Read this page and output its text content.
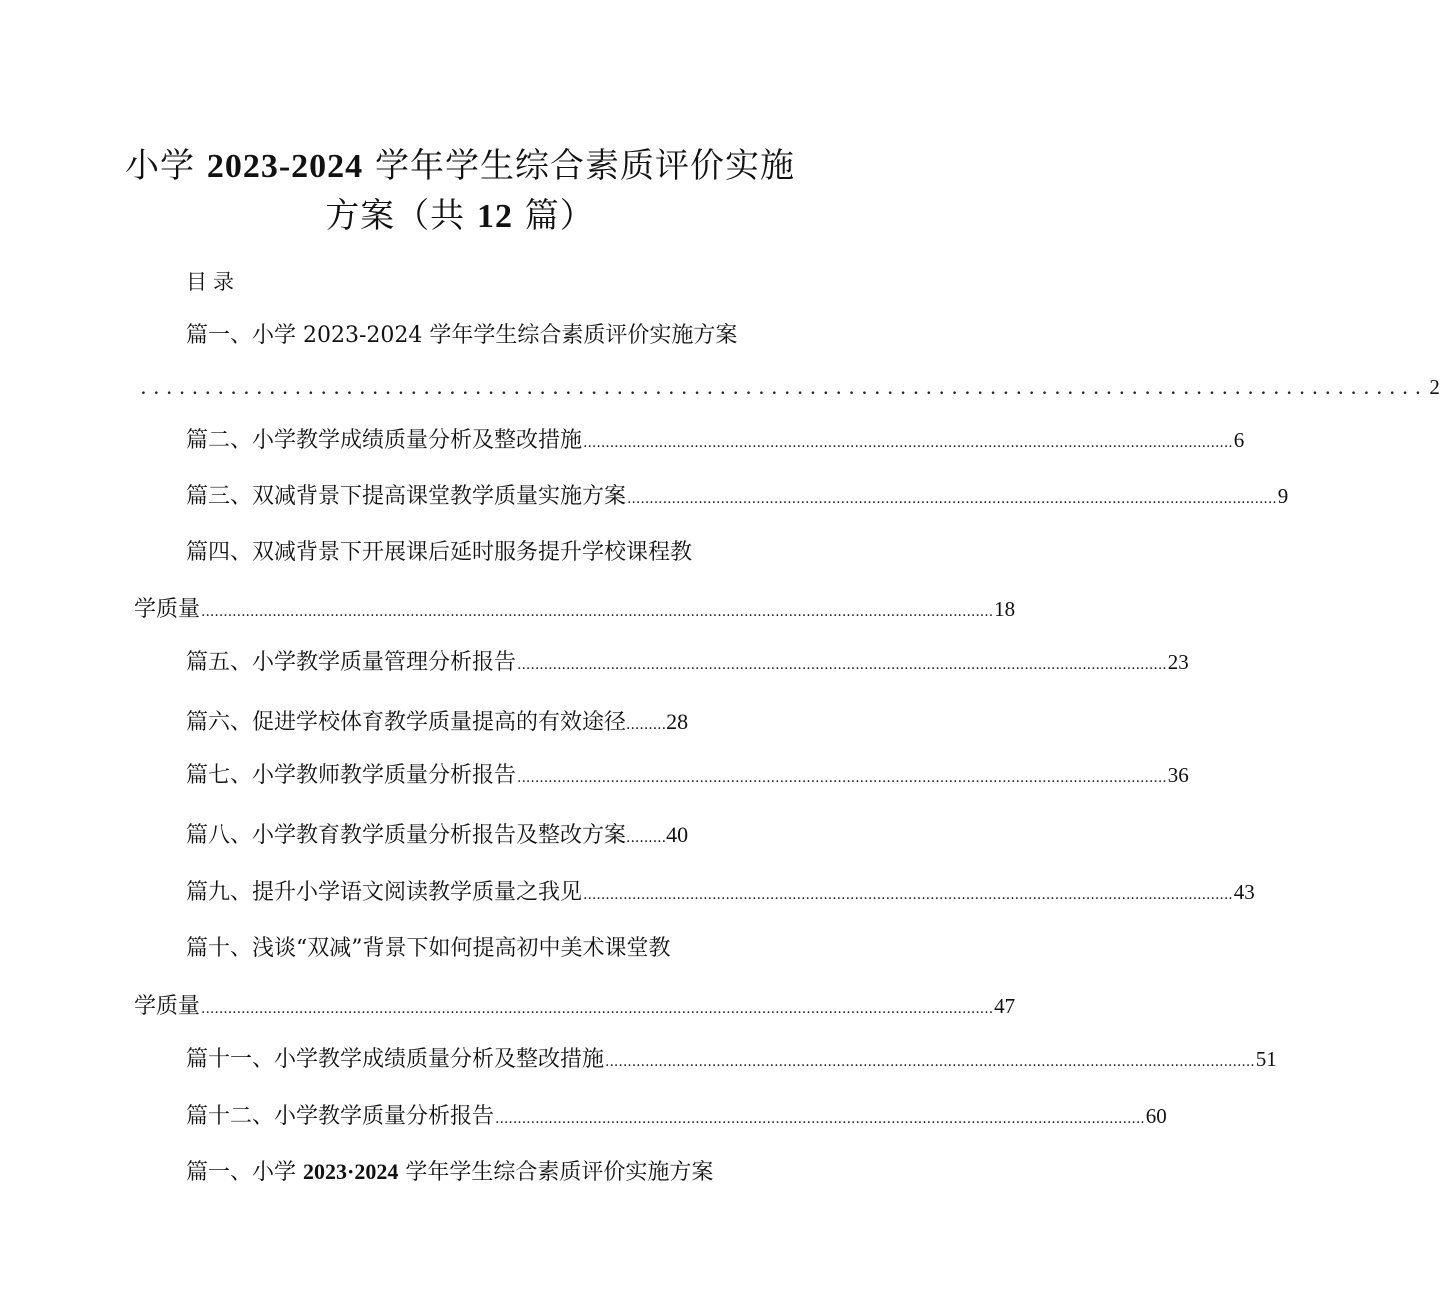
小学 2023-2024 学年学生综合素质评价实施
方案（共 12 篇）
目录
篇一、小学 2023-2024 学年学生综合素质评价实施方案
.................................................................................................... 2
篇二、小学教学成绩质量分析及整改措施 .................................................................................................................................................. 6
篇三、双减背景下提高课堂教学质量实施方案 .................................................................................................................................................. 9
篇四、双减背景下开展课后延时服务提升学校课程教
学质量 .................................................................................................................................................................................. 18
篇五、小学教学质量管理分析报告 .................................................................................................................................................. 23
篇六、促进学校体育教学质量提高的有效途径.........28
篇七、小学教师教学质量分析报告 .................................................................................................................................................. 36
篇八、小学教育教学质量分析报告及整改方案.........40
篇九、提升小学语文阅读教学质量之我见 .................................................................................................................................................. 43
篇十、浅谈“双减”背景下如何提高初中美术课堂教
学质量 .................................................................................................................................................................................. 47
篇十一、小学教学成绩质量分析及整改措施 .................................................................................................................................................. 51
篇十二、小学教学质量分析报告 .................................................................................................................................................. 60
篇一、小学 2023·2024 学年学生综合素质评价实施方案
